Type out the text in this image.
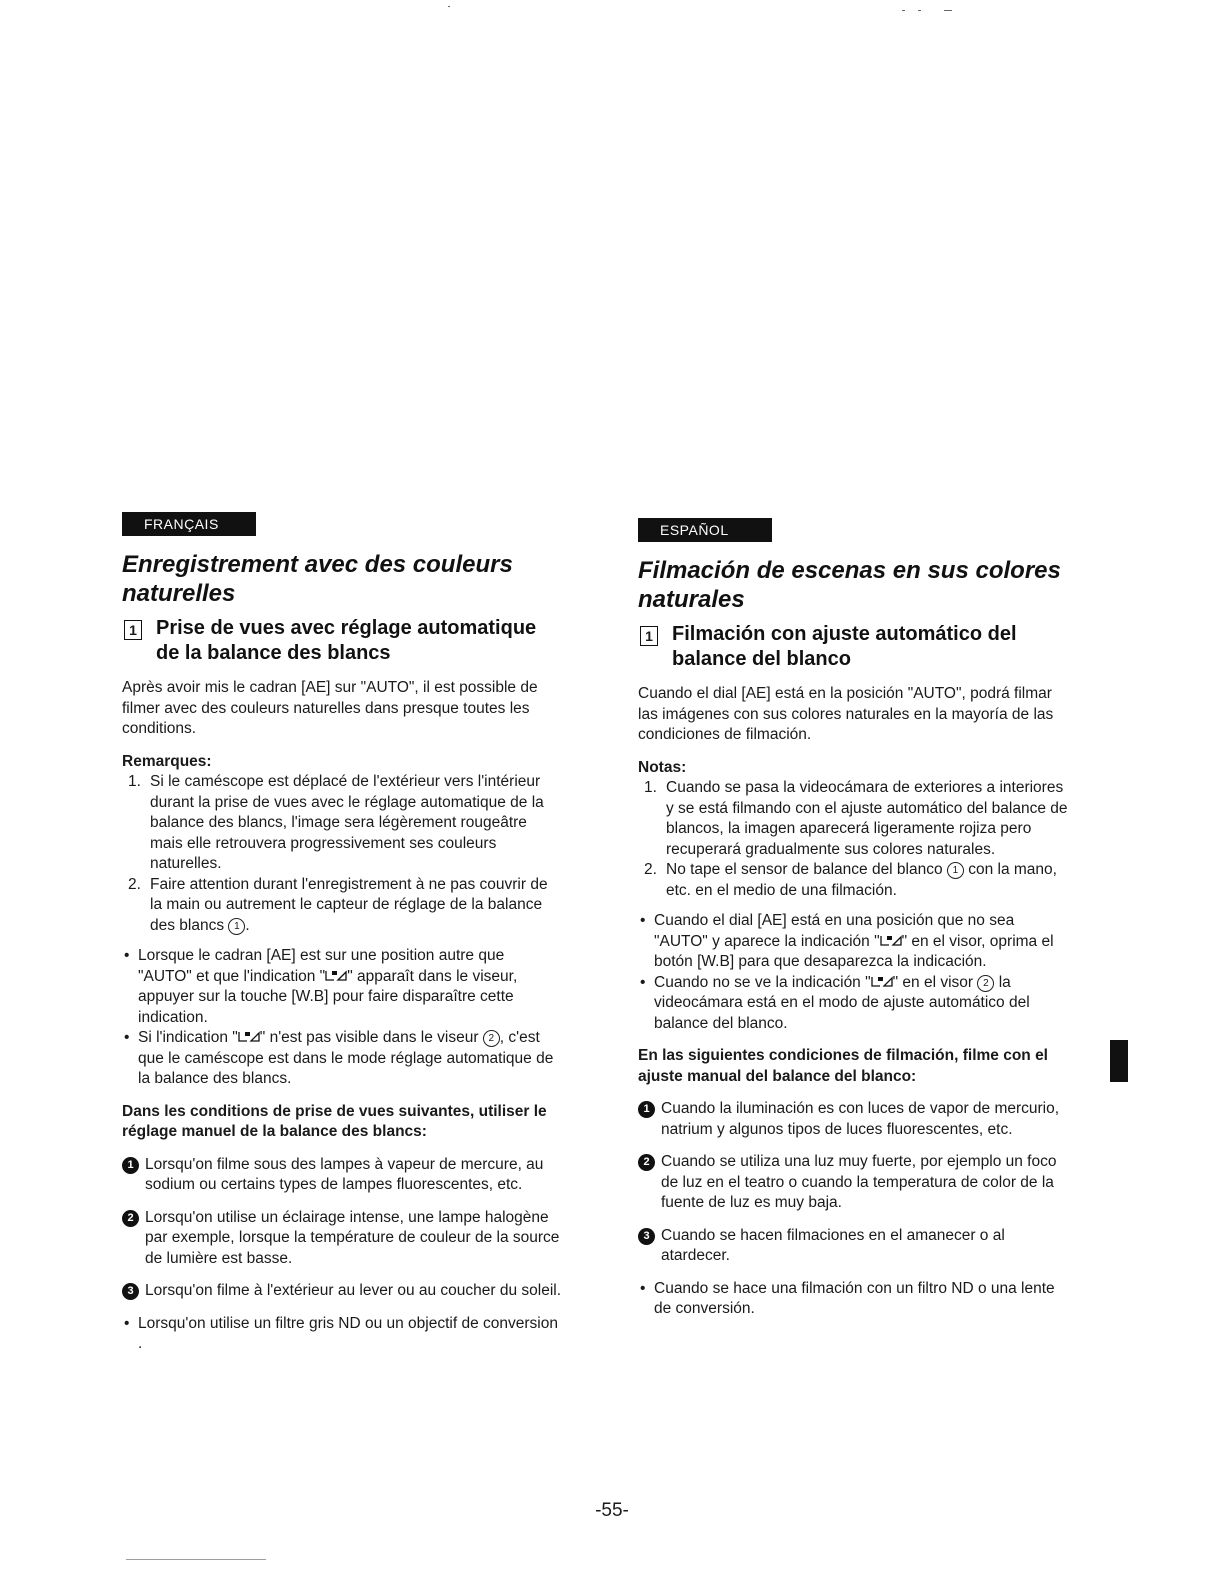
FRANÇAIS
Enregistrement avec des couleurs naturelles
1 Prise de vues avec réglage automatique de la balance des blancs

Après avoir mis le cadran [AE] sur "AUTO", il est possible de filmer avec des couleurs naturelles dans presque toutes les conditions.

Remarques:
1. Si le caméscope est déplacé de l'extérieur vers l'intérieur durant la prise de vues avec le réglage automatique de la balance des blancs, l'image sera légèrement rougeâtre mais elle retrouvera progressivement ses couleurs naturelles.
2. Faire attention durant l'enregistrement à ne pas couvrir de la main ou autrement le capteur de réglage de la balance des blancs 1 .
• Lorsque le cadran [AE] est sur une position autre que "AUTO" et que l'indication " " apparaît dans le viseur, appuyer sur la touche [W.B] pour faire disparaître cette indication.
• Si l'indication " " n'est pas visible dans le viseur 2 , c'est que le caméscope est dans le mode réglage automatique de la balance des blancs.
Dans les conditions de prise de vues suivantes, utiliser le réglage manuel de la balance des blancs:
1 Lorsqu'on filme sous des lampes à vapeur de mercure, au sodium ou certains types de lampes fluorescentes, etc.
2 Lorsqu'on utilise un éclairage intense, une lampe halogène par exemple, lorsque la température de couleur de la source de lumière est basse.
3 Lorsqu'on filme à l'extérieur au lever ou au coucher du soleil.
• Lorsqu'on utilise un filtre gris ND ou un objectif de conversion .
ESPAÑOL
Filmación de escenas en sus colores naturales
1 Filmación con ajuste automático del balance del blanco

Cuando el dial [AE] está en la posición "AUTO", podrá filmar las imágenes con sus colores naturales en la mayoría de las condiciones de filmación.

Notas:
1. Cuando se pasa la videocámara de exteriores a interiores y se está filmando con el ajuste automático del balance de blancos, la imagen aparecerá ligeramente rojiza pero recuperará gradualmente sus colores naturales.
2. No tape el sensor de balance del blanco 1 con la mano, etc. en el medio de una filmación.
• Cuando el dial [AE] está en una posición que no sea "AUTO" y aparece la indicación " " en el visor, oprima el botón [W.B] para que desaparezca la indicación.
• Cuando no se ve la indicación " " en el visor 2 la videocámara está en el modo de ajuste automático del balance del blanco.
En las siguientes condiciones de filmación, filme con el ajuste manual del balance del blanco:
1 Cuando la iluminación es con luces de vapor de mercurio, natrium y algunos tipos de luces fluorescentes, etc.
2 Cuando se utiliza una luz muy fuerte, por ejemplo un foco de luz en el teatro o cuando la temperatura de color de la fuente de luz es muy baja.
3 Cuando se hacen filmaciones en el amanecer o al atardecer.
• Cuando se hace una filmación con un filtro ND o una lente de conversión.
-55-
